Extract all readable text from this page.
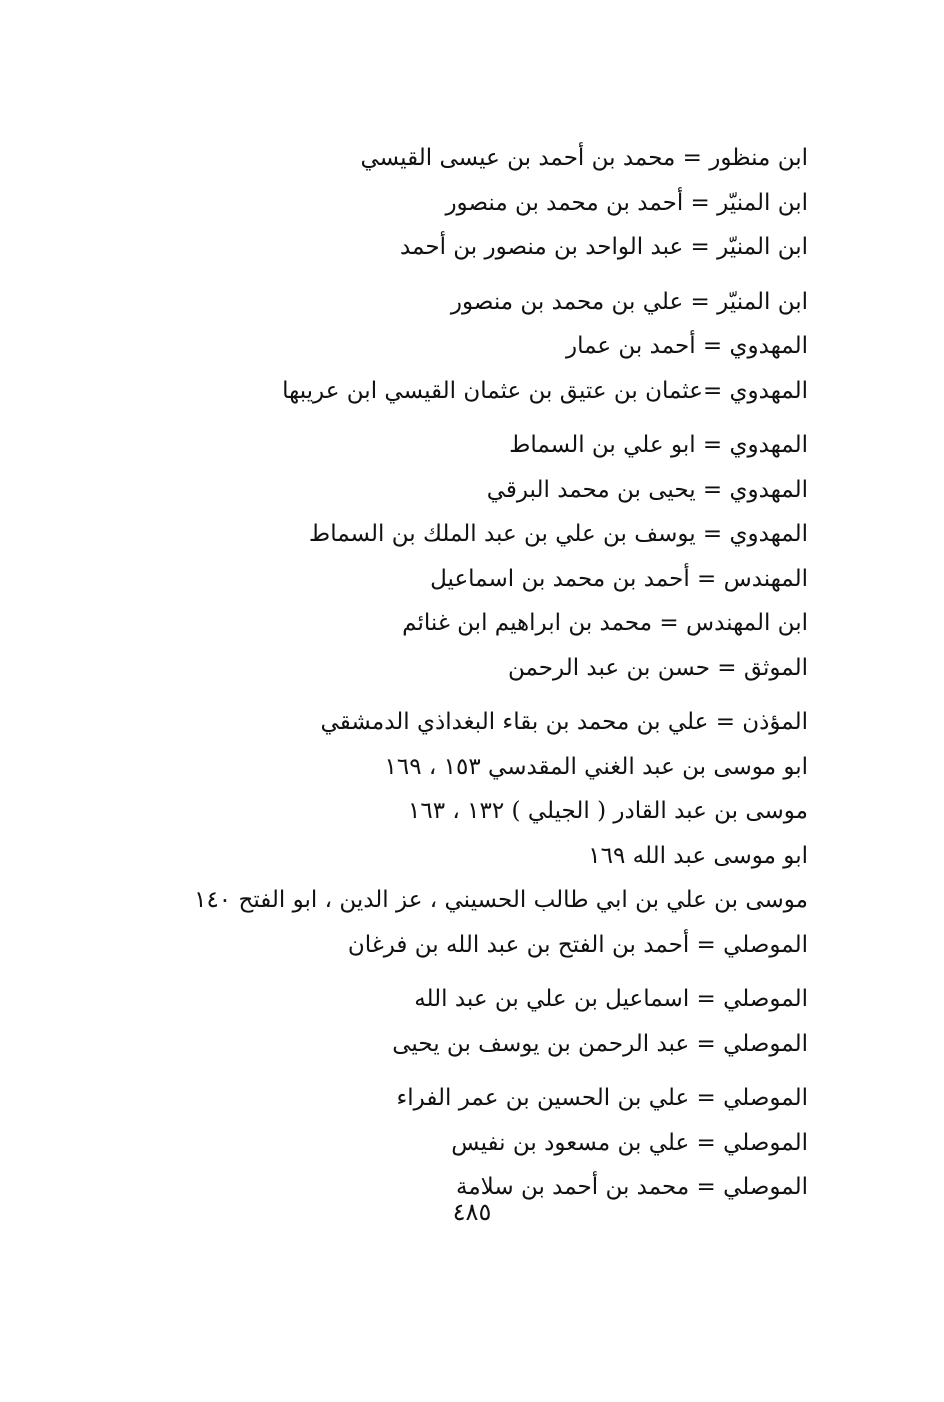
ابن منظور = محمد بن أحمد بن عيسى القيسي
ابن المنيّر = أحمد بن محمد بن منصور
ابن المنيّر = عبد الواحد بن منصور بن أحمد
ابن المنيّر = علي بن محمد بن منصور
المهدوي = أحمد بن عمار
المهدوي =عثمان بن عتيق بن عثمان القيسي ابن عريبها
المهدوي = ابو علي بن السماط
المهدوي = يحيى بن محمد البرقي
المهدوي = يوسف بن علي بن عبد الملك بن السماط
المهندس = أحمد بن محمد بن اسماعيل
ابن المهندس = محمد بن ابراهيم ابن غنائم
الموثق = حسن بن عبد الرحمن
المؤذن = علي بن محمد بن بقاء البغداذي الدمشقي
ابو موسى بن عبد الغني المقدسي ١٥٣ ، ١٦٩
موسى بن عبد القادر ( الجيلي ) ١٣٢ ، ١٦٣
ابو موسى عبد الله ١٦٩
موسى بن علي بن ابي طالب الحسيني ، عز الدين ، ابو الفتح ١٤٠
الموصلي = أحمد بن الفتح بن عبد الله بن فرغان
الموصلي = اسماعيل بن علي بن عبد الله
الموصلي = عبد الرحمن بن يوسف بن يحيى
الموصلي = علي بن الحسين بن عمر الفراء
الموصلي = علي بن مسعود بن نفيس
الموصلي = محمد بن أحمد بن سلامة
٤٨٥
